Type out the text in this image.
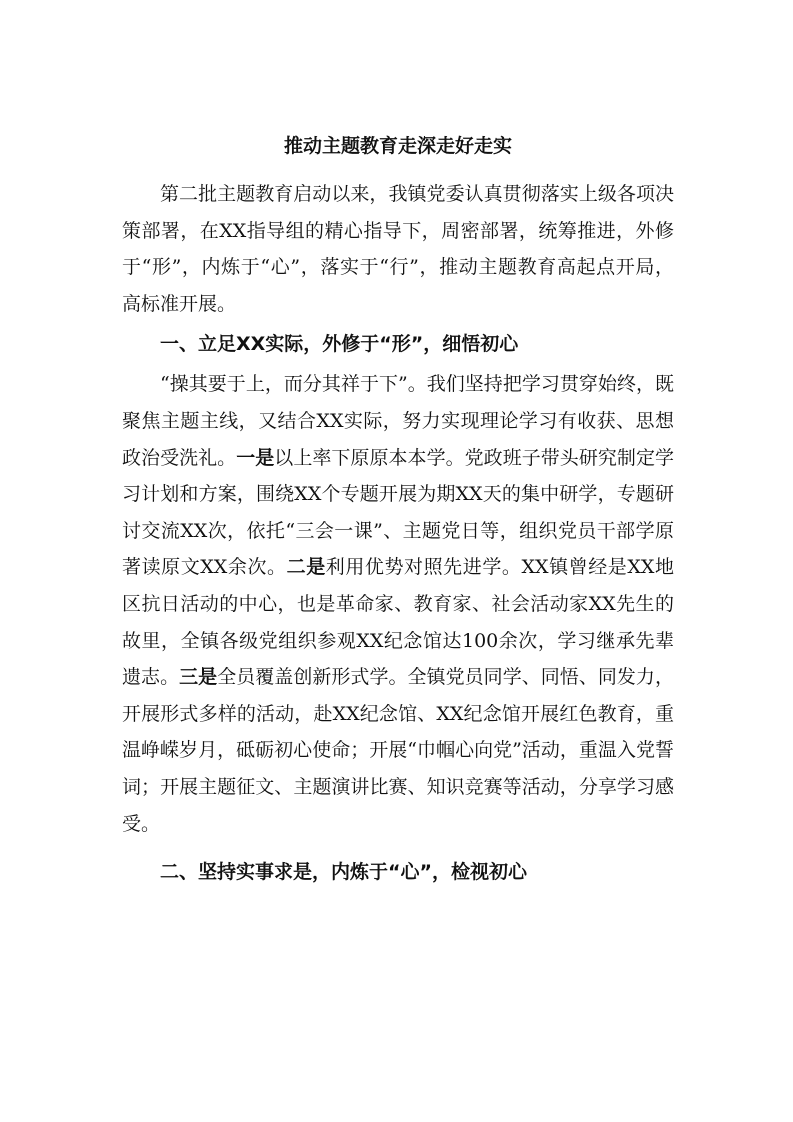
推动主题教育走深走好走实

第二批主题教育启动以来，我镇党委认真贯彻落实上级各项决策部署，在XX指导组的精心指导下，周密部署，统筹推进，外修于“形”，内炼于“心”，落实于“行”，推动主题教育高起点开局，高标准开展。

一、立足XX实际，外修于“形”，细悟初心

“操其要于上，而分其祥于下”。我们坚持把学习贯穿始终，既聚焦主题主线，又结合XX实际，努力实现理论学习有收获、思想政治受洗礼。一是以上率下原原本本学。党政班子带头研究制定学习计划和方案，围绕XX个专题开展为期XX天的集中研学，专题研讨交流XX次，依托“三会一课”、主题党日等，组织党员干部学原著读原文XX余次。二是利用优势对照先进学。XX镇曾经是XX地区抗日活动的中心，也是革命家、教育家、社会活动家XX先生的故里，全镇各级党组织参观XX纪念馆达100余次，学习继承先辈遗志。三是全员覆盖创新形式学。全镇党员同学、同悟、同发力，开展形式多样的活动，赴XX纪念馆、XX纪念馆开展红色教育，重温峥嵘岁月，砥砺初心使命；开展“巾帼心向党”活动，重温入党誓词；开展主题征文、主题演讲比赛、知识竞赛等活动，分享学习感受。

二、坚持实事求是，内炼于“心”，检视初心
